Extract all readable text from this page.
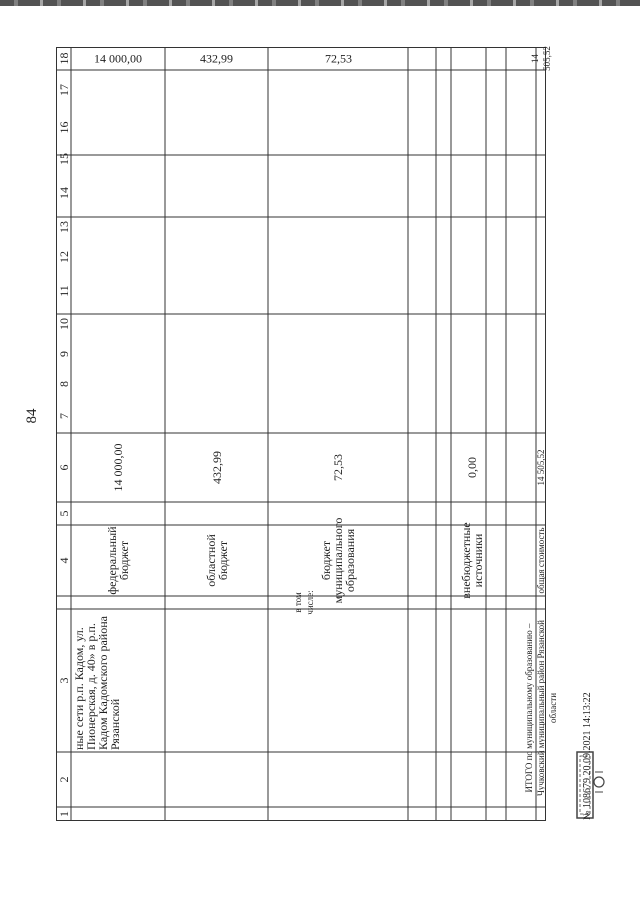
84
18
17
16
15
14
13
12
11
10
9
8
7
6
5
4
3
2
1
14 000,00
14 000,00
федеральный бюджет
432,99
432,99
областной бюджет
72,53
72,53
бюджет муниципального образования
0,00
внебюджетные источники
в том числе:
ные сети р.п. Кадом, ул. Пионерская, д. 40» в р.п. Кадом Кадомского района Рязанской
14 505,52
14 505,52
общая стоимость
ИТОГО по муниципальному образованию – Чучковский муниципальный район Рязанской области № 108679 20.09.2021 14:13:22
